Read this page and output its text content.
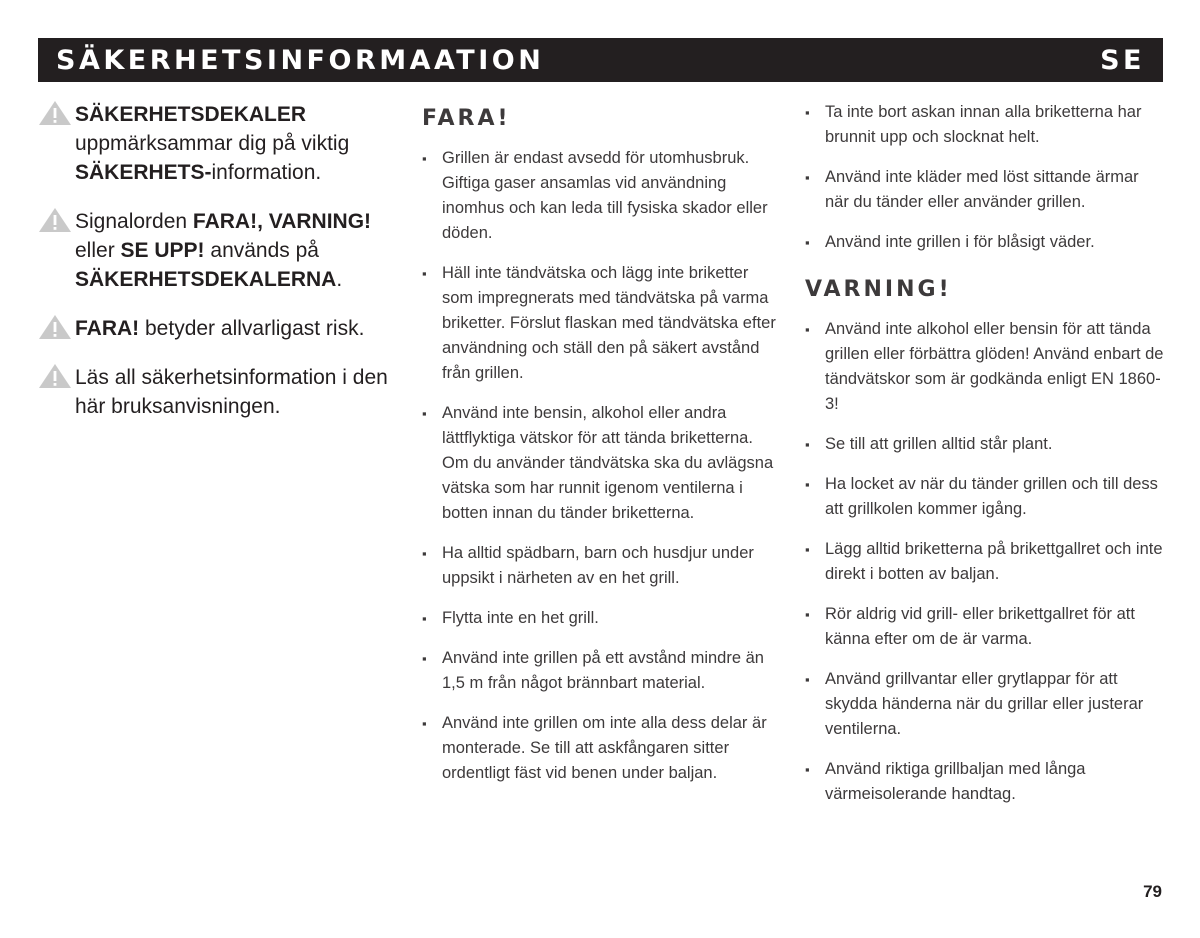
SÄKERHETSINFORMAATION	SE
SÄKERHETSDEKALER uppmärksammar dig på viktig SÄKERHETS-information.
Signalorden FARA!, VARNING! eller SE UPP! används på SÄKERHETSDEKALERNA.
FARA! betyder allvarligast risk.
Läs all säkerhetsinformation i den här bruksanvisningen.
FARA!
▪ Grillen är endast avsedd för utomhusbruk. Giftiga gaser ansamlas vid användning inomhus och kan leda till fysiska skador eller döden.
▪ Häll inte tändvätska och lägg inte briketter som impregnerats med tändvätska på varma briketter. Förslut flaskan med tändvätska efter användning och ställ den på säkert avstånd från grillen.
▪ Använd inte bensin, alkohol eller andra lättflyktiga vätskor för att tända briketterna. Om du använder tändvätska ska du avlägsna vätska som har runnit igenom ventilerna i botten innan du tänder briketterna.
▪ Ha alltid spädbarn, barn och husdjur under uppsikt i närheten av en het grill.
▪ Flytta inte en het grill.
▪ Använd inte grillen på ett avstånd mindre än 1,5 m från något brännbart material.
▪ Använd inte grillen om inte alla dess delar är monterade. Se till att askfångaren sitter ordentligt fäst vid benen under baljan.
▪ Ta inte bort askan innan alla briketterna har brunnit upp och slocknat helt.
▪ Använd inte kläder med löst sittande ärmar när du tänder eller använder grillen.
▪ Använd inte grillen i för blåsigt väder.
VARNING!
▪ Använd inte alkohol eller bensin för att tända grillen eller förbättra glöden! Använd enbart de tändvätskor som är godkända enligt EN 1860-3!
▪ Se till att grillen alltid står plant.
▪ Ha locket av när du tänder grillen och till dess att grillkolen kommer igång.
▪ Lägg alltid briketterna på brikettgallret och inte direkt i botten av baljan.
▪ Rör aldrig vid grill- eller brikettgallret för att känna efter om de är varma.
▪ Använd grillvantar eller grytlappar för att skydda händerna när du grillar eller justerar ventilerna.
▪ Använd riktiga grillbaljan med långa värmeisolerande handtag.
79
